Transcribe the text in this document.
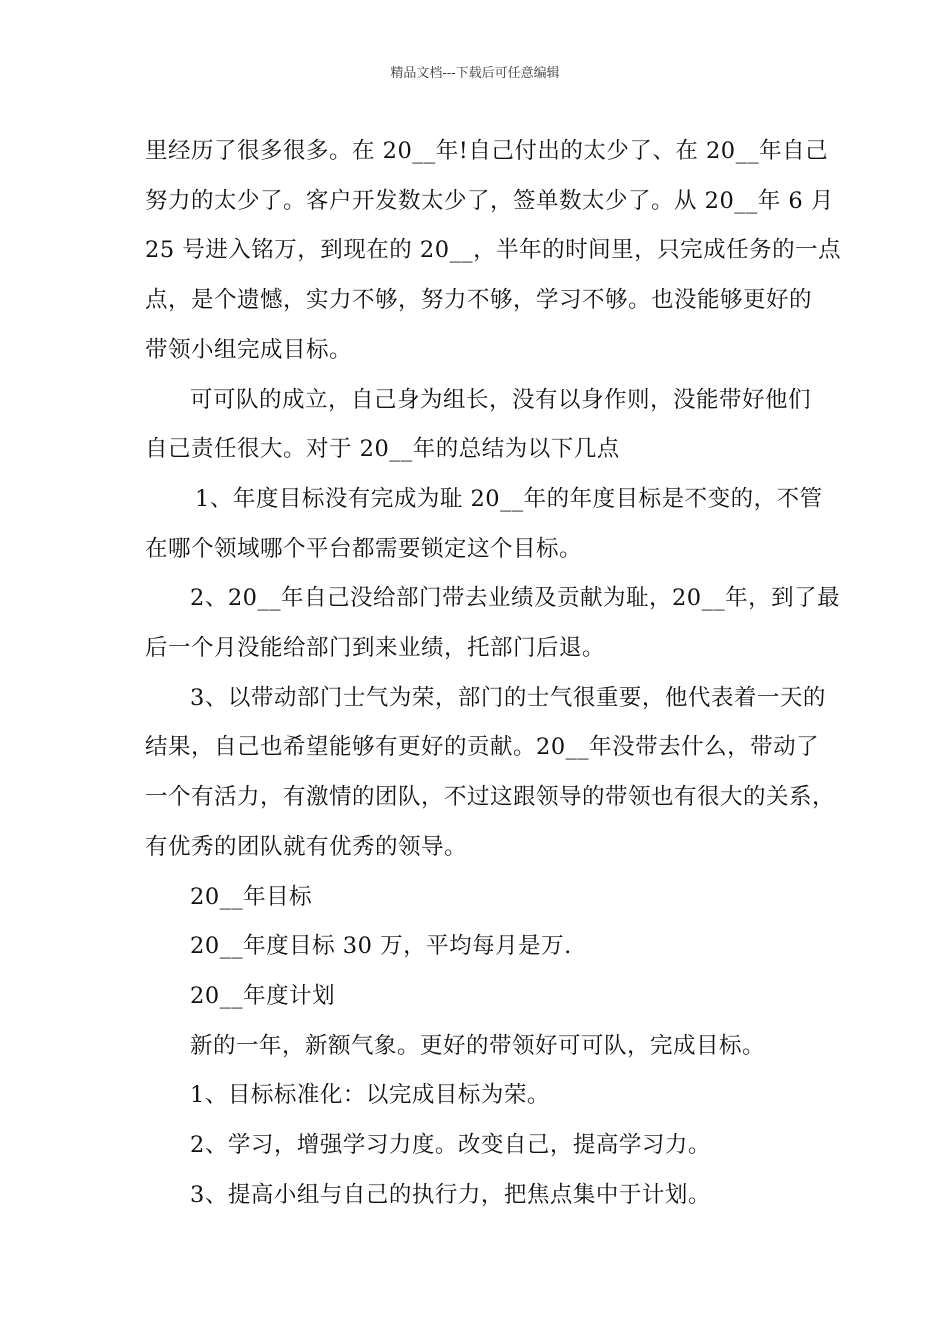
精品文档---下载后可任意编辑

里经历了很多很多。在 20__年!自己付出的太少了、在 20__年自己

努力的太少了。客户开发数太少了，签单数太少了。从 20__年 6 月

25 号进入铭万，到现在的 20__，半年的时间里，只完成任务的一点

点，是个遗憾，实力不够，努力不够，学习不够。也没能够更好的

带领小组完成目标。

可可队的成立，自己身为组长，没有以身作则，没能带好他们

自己责任很大。对于 20__年的总结为以下几点

1、年度目标没有完成为耻 20__年的年度目标是不变的，不管

在哪个领域哪个平台都需要锁定这个目标。

2、20__年自己没给部门带去业绩及贡献为耻，20__年，到了最

后一个月没能给部门到来业绩，托部门后退。

3、以带动部门士气为荣，部门的士气很重要，他代表着一天的

结果，自己也希望能够有更好的贡献。20__年没带去什么，带动了

一个有活力，有激情的团队，不过这跟领导的带领也有很大的关系，

有优秀的团队就有优秀的领导。

20__年目标

20__年度目标 30 万，平均每月是万.

20__年度计划

新的一年，新额气象。更好的带领好可可队，完成目标。

1、目标标准化：以完成目标为荣。

2、学习，增强学习力度。改变自己，提高学习力。

3、提高小组与自己的执行力，把焦点集中于计划。
